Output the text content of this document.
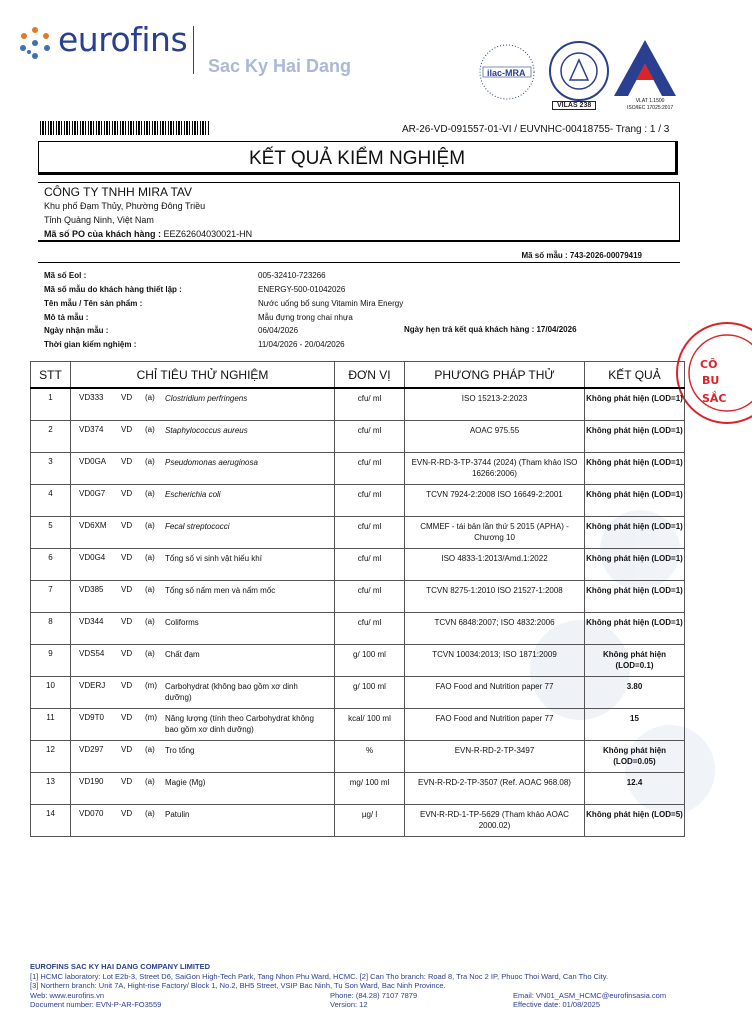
eurofins
Sac Ky Hai Dang	ilac-MRA
VILAS 238
VLAT 1.1500
ISO/IEC 17025:2017
AR-26-VD-091557-01-VI / EUVNHC-00418755- Trang : 1 / 3
KẾT QUẢ KIỂM NGHIỆM
CÔNG TY TNHH MIRA TAV
Khu phố Đạm Thủy, Phường Đông Triều
Tỉnh Quảng Ninh, Việt Nam
Mã số PO của khách hàng : EEZ62604030021-HN
Mã số mẫu : 743-2026-00079419
Mã số Eol :	005-32410-723266
Mã số mẫu do khách hàng thiết lập :	ENERGY-500-01042026
Tên mẫu / Tên sản phẩm :	Nước uống bổ sung Vitamin Mira Energy
Mô tả mẫu :	Mẫu đựng trong chai nhựa
Ngày nhận mẫu :	06/04/2026
Thời gian kiểm nghiệm :	11/04/2026 - 20/04/2026
Ngày hẹn trả kết quả khách hàng : 17/04/2026
CÔ
BU
SẮC
STT	CHỈ TIÊU THỬ NGHIỆM	ĐƠN VỊ	PHƯƠNG PHÁP THỬ	KẾT QUẢ
1	VD333 VD (a) Clostridium perfringens	cfu/ ml	ISO 15213-2:2023	Không phát hiện (LOD=1)
2	VD374 VD (a) Staphylococcus aureus	cfu/ ml	AOAC 975.55	Không phát hiện (LOD=1)
3	VD0GA VD (a) Pseudomonas aeruginosa	cfu/ ml	EVN-R-RD-3-TP-3744 (2024) (Tham khảo ISO 16266:2006)	Không phát hiện (LOD=1)
4	VD0G7 VD (a) Escherichia coli	cfu/ ml	TCVN 7924-2:2008 ISO 16649-2:2001	Không phát hiện (LOD=1)
5	VD6XM VD (a) Fecal streptococci	cfu/ ml	CMMEF - tái bản lần thứ 5 2015 (APHA) - Chương 10	Không phát hiện (LOD=1)
6	VD0G4 VD (a) Tổng số vi sinh vật hiếu khí	cfu/ ml	ISO 4833-1:2013/Amd.1:2022	Không phát hiện (LOD=1)
7	VD385 VD (a) Tổng số nấm men và nấm mốc	cfu/ ml	TCVN 8275-1:2010 ISO 21527-1:2008	Không phát hiện (LOD=1)
8	VD344 VD (a) Coliforms	cfu/ ml	TCVN 6848:2007; ISO 4832:2006	Không phát hiện (LOD=1)
9	VDS54 VD (a) Chất đạm	g/ 100 ml	TCVN 10034:2013; ISO 1871:2009	Không phát hiện (LOD=0.1)
10	VDERJ VD (m) Carbohydrat (không bao gồm xơ dinh dưỡng)	g/ 100 ml	FAO Food and Nutrition paper 77	3.80
11	VD9T0 VD (m) Năng lượng (tính theo Carbohydrat không bao gồm xơ dinh dưỡng)	kcal/ 100 ml	FAO Food and Nutrition paper 77	15
12	VD297 VD (a) Tro tổng	%	EVN-R-RD-2-TP-3497	Không phát hiện (LOD=0.05)
13	VD190 VD (a) Magie (Mg)	mg/ 100 ml	EVN-R-RD-2-TP-3507 (Ref. AOAC 968.08)	12.4
14	VD070 VD (a) Patulin	µg/ l	EVN-R-RD-1-TP-5629 (Tham khảo AOAC 2000.02)	Không phát hiện (LOD=5)
EUROFINS SAC KY HAI DANG COMPANY LIMITED
[1] HCMC laboratory: Lot E2b-3, Street D6, SaiGon High-Tech Park, Tang Nhon Phu Ward, HCMC. [2] Can Tho branch: Road 8, Tra Noc 2 IP, Phuoc Thoi Ward, Can Tho City.
[3] Northern branch: Unit 7A, Hight-rise Factory/ Block 1, No.2, BH5 Street, VSIP Bac Ninh, Tu Son Ward, Bac Ninh Province.
Web: www.eurofins.vn	Phone: (84.28) 7107 7879	Email: VN01_ASM_HCMC@eurofinsasia.com
Document number: EVN-P-AR-FO3559	Version: 12	Effective date: 01/08/2025
